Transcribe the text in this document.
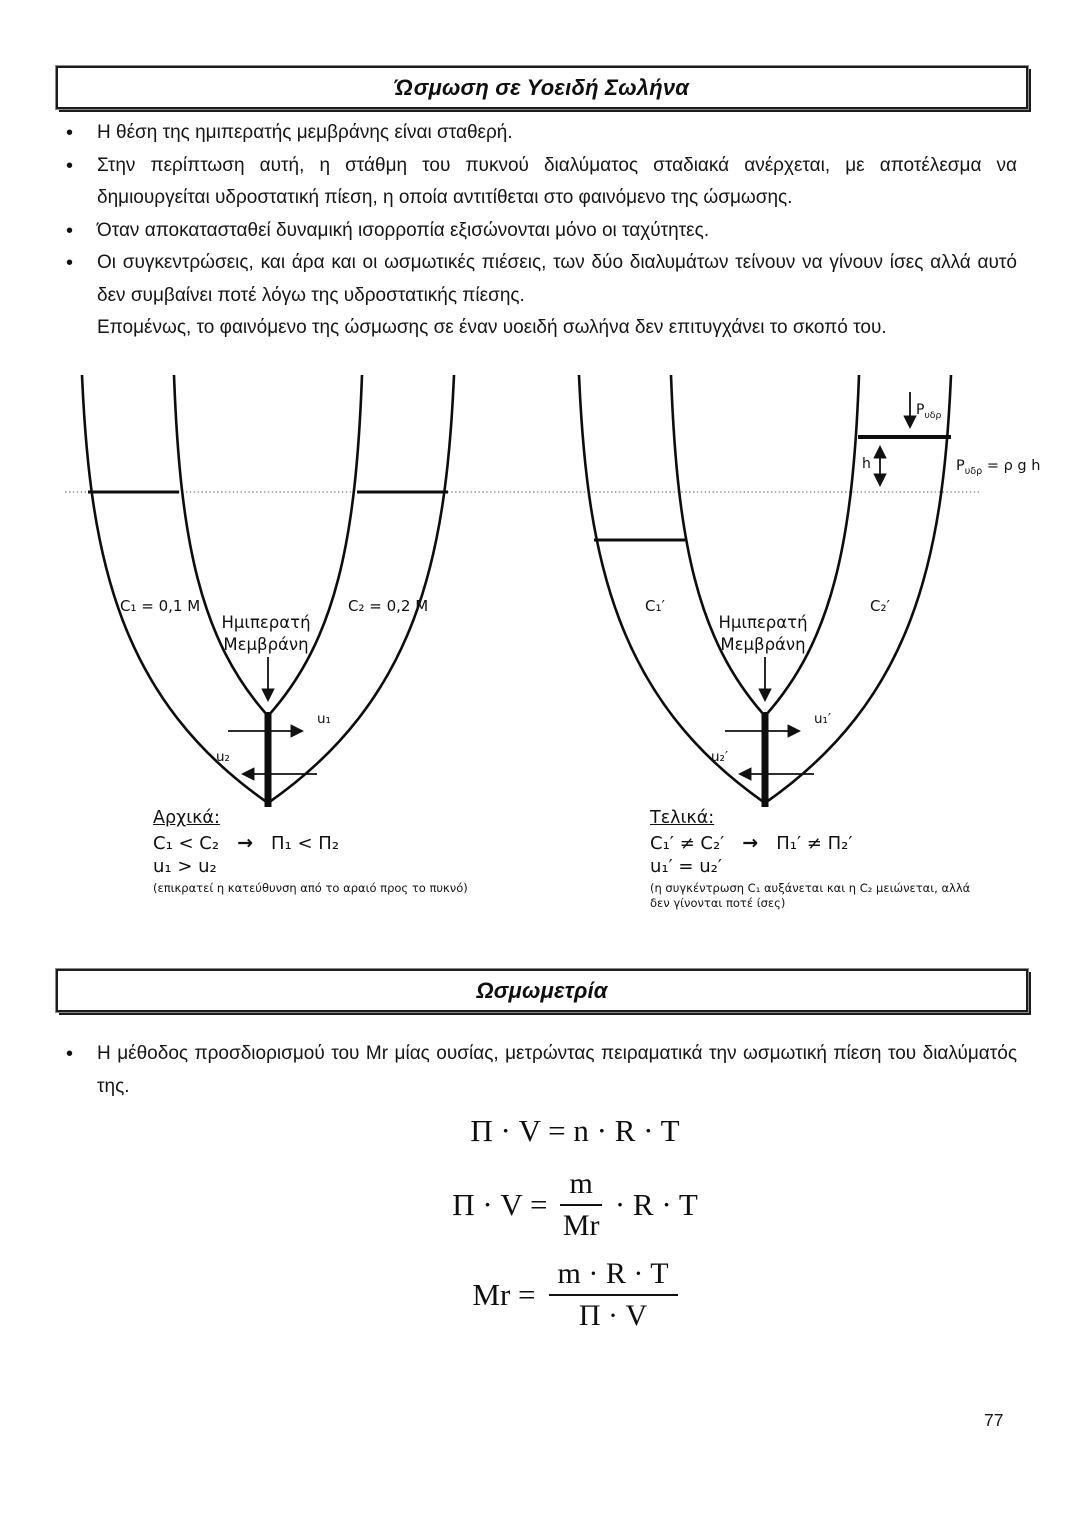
Ώσμωση σε Υοειδή Σωλήνα

• Η θέση της ημιπερατής μεμβράνης είναι σταθερή.

• Στην περίπτωση αυτή, η στάθμη του πυκνού διαλύματος σταδιακά ανέρχεται, με αποτέλεσμα να δημιουργείται υδροστατική πίεση, η οποία αντιτίθεται στο φαινόμενο της ώσμωσης.

• Όταν αποκατασταθεί δυναμική ισορροπία εξισώνονται μόνο οι ταχύτητες.

• Οι συγκεντρώσεις, και άρα και οι ωσμωτικές πιέσεις, των δύο διαλυμάτων τείνουν να γίνουν ίσες αλλά αυτό δεν συμβαίνει ποτέ λόγω της υδροστατικής πίεσης.

Επομένως, το φαινόμενο της ώσμωσης σε έναν υοειδή σωλήνα δεν επιτυγχάνει το σκοπό του.

C₁ = 0,1 M	C₂ = 0,2 M
Ημιπερατή
Μεμβράνη
u₁
u₂

Αρχικά:

C₁ < C₂ → Π₁ < Π₂

u₁ > u₂

(επικρατεί η κατεύθυνση από το αραιό προς το πυκνό)

C₁′	C₂′
Ημιπερατή
Μεμβράνη
u₁′
u₂′
$P_{\upsilon\delta\rho}$
h	$P_{\upsilon\delta\rho} = \rho$ g h

Τελικά:

C₁′ ≠ C₂′ → Π₁′ ≠ Π₂′

u₁′ = u₂′

(η συγκέντρωση C₁ αυξάνεται και η C₂ μειώνεται, αλλά
δεν γίνονται ποτέ ίσες)

Ωσμωμετρία

• Η μέθοδος προσδιορισμού του Mr μίας ουσίας, μετρώντας πειραματικά την ωσμωτική πίεση του διαλύματός της.

Π · V = n · R · T
$\Pi \cdot V = \frac{m}{Mr} \cdot R \cdot T$
$Mr = \frac{m \cdot R \cdot T}{\Pi \cdot V}$
77
